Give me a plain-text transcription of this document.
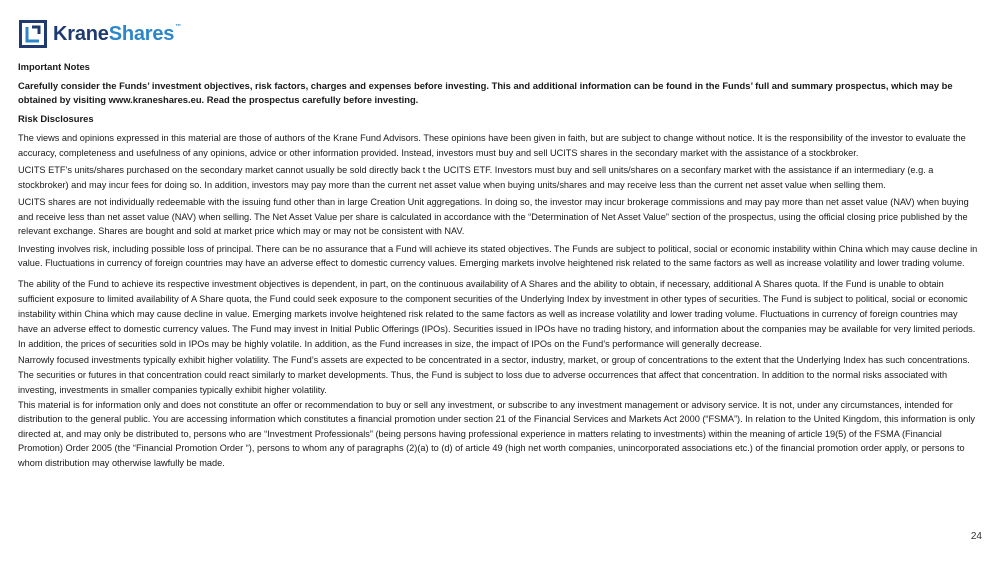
KraneShares™
Important Notes
Carefully consider the Funds’ investment objectives, risk factors, charges and expenses before investing. This and additional information can be found in the Funds’ full and summary prospectus, which may be obtained by visiting www.kraneshares.eu. Read the prospectus carefully before investing.
Risk Disclosures
The views and opinions expressed in this material are those of authors of the Krane Fund Advisors. These opinions have been given in faith, but are subject to change without notice. It is the responsibility of the investor to evaluate the accuracy, completeness and usefulness of any opinions, advice or other information provided. Instead, investors must buy and sell UCITS shares in the secondary market with the assistance of a stockbroker.
UCITS ETF’s units/shares purchased on the secondary market cannot usually be sold directly back t the UCITS ETF. Investors must buy and sell units/shares on a seconfary market with the assistance if an intermediary (e.g. a stockbroker) and may incur fees for doing so. In addition, investors may pay more than the current net asset value when buying units/shares and may receive less than the current net asset value when selling them.
UCITS shares are not individually redeemable with the issuing fund other than in large Creation Unit aggregations. In doing so, the investor may incur brokerage commissions and may pay more than net asset value (NAV) when buying and receive less than net asset value (NAV) when selling. The Net Asset Value per share is calculated in accordance with the “Determination of Net Asset Value” section of the prospectus, using the official closing price published by the relevant exchange. Shares are bought and sold at market price which may or may not be consistent with NAV.
Investing involves risk, including possible loss of principal. There can be no assurance that a Fund will achieve its stated objectives. The Funds are subject to political, social or economic instability within China which may cause decline in value. Fluctuations in currency of foreign countries may have an adverse effect to domestic currency values. Emerging markets involve heightened risk related to the same factors as well as increase volatility and lower trading volume.
The ability of the Fund to achieve its respective investment objectives is dependent, in part, on the continuous availability of A Shares and the ability to obtain, if necessary, additional A Shares quota. If the Fund is unable to obtain sufficient exposure to limited availability of A Share quota, the Fund could seek exposure to the component securities of the Underlying Index by investment in other types of securities. The Fund is subject to political, social or economic instability within China which may cause decline in value. Emerging markets involve heightened risk related to the same factors as well as increase volatility and lower trading volume. Fluctuations in currency of foreign countries may have an adverse effect to domestic currency values. The Fund may invest in Initial Public Offerings (IPOs). Securities issued in IPOs have no trading history, and information about the companies may be available for very limited periods. In addition, the prices of securities sold in IPOs may be highly volatile. In addition, as the Fund increases in size, the impact of IPOs on the Fund’s performance will generally decrease.
Narrowly focused investments typically exhibit higher volatility. The Fund’s assets are expected to be concentrated in a sector, industry, market, or group of concentrations to the extent that the Underlying Index has such concentrations. The securities or futures in that concentration could react similarly to market developments. Thus, the Fund is subject to loss due to adverse occurrences that affect that concentration. In addition to the normal risks associated with investing, investments in smaller companies typically exhibit higher volatility.
This material is for information only and does not constitute an offer or recommendation to buy or sell any investment, or subscribe to any investment management or advisory service. It is not, under any circumstances, intended for distribution to the general public. You are accessing information which constitutes a financial promotion under section 21 of the Financial Services and Markets Act 2000 (“FSMA”). In relation to the United Kingdom, this information is only directed at, and may only be distributed to, persons who are “Investment Professionals” (being persons having professional experience in matters relating to investments) within the meaning of article 19(5) of the FSMA (Financial Promotion) Order 2005 (the “Financial Promotion Order “), persons to whom any of paragraphs (2)(a) to (d) of article 49 (high net worth companies, unincorporated associations etc.) of the financial promotion order apply, or persons to whom distribution may otherwise lawfully be made.
24
